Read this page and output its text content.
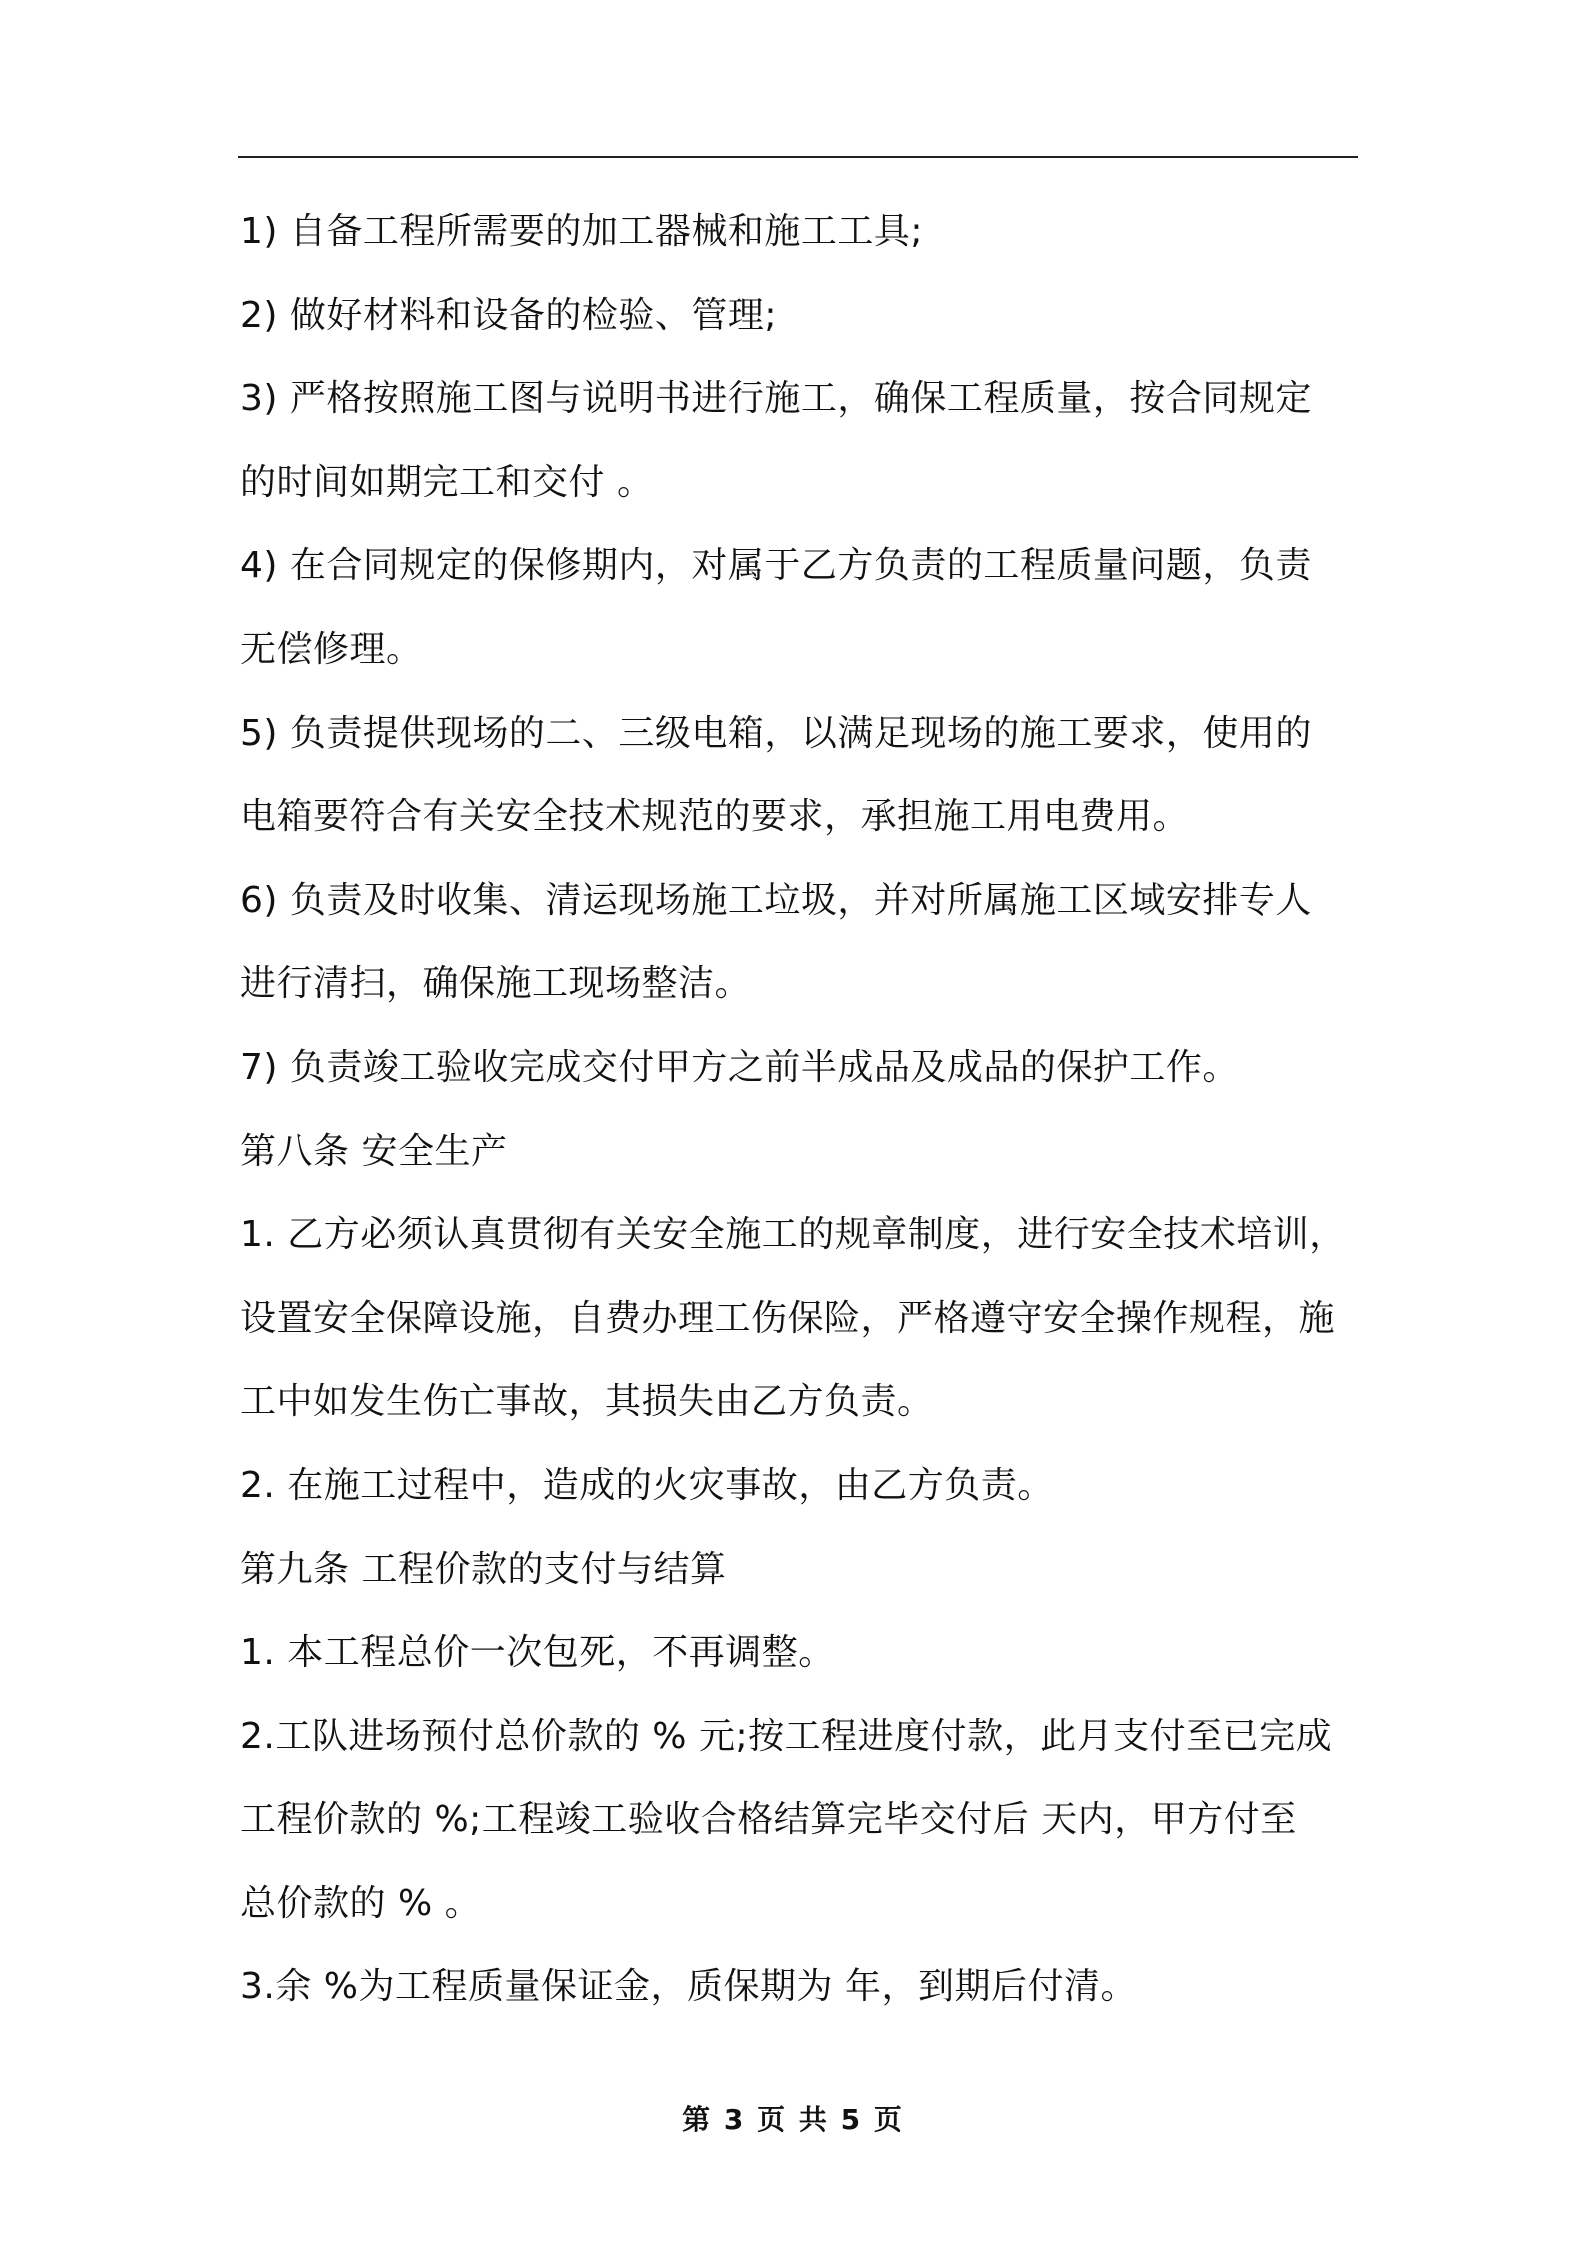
1) 自备工程所需要的加工器械和施工工具;
2) 做好材料和设备的检验、管理;
3) 严格按照施工图与说明书进行施工，确保工程质量，按合同规定
的时间如期完工和交付 。
4) 在合同规定的保修期内，对属于乙方负责的工程质量问题，负责
无偿修理。
5) 负责提供现场的二、三级电箱，以满足现场的施工要求，使用的
电箱要符合有关安全技术规范的要求，承担施工用电费用。
6) 负责及时收集、清运现场施工垃圾，并对所属施工区域安排专人
进行清扫，确保施工现场整洁。
7) 负责竣工验收完成交付甲方之前半成品及成品的保护工作。
第八条 安全生产
1. 乙方必须认真贯彻有关安全施工的规章制度，进行安全技术培训，
设置安全保障设施，自费办理工伤保险，严格遵守安全操作规程，施
工中如发生伤亡事故，其损失由乙方负责。
2. 在施工过程中，造成的火灾事故，由乙方负责。
第九条 工程价款的支付与结算
1. 本工程总价一次包死，不再调整。
2.工队进场预付总价款的 % 元;按工程进度付款，此月支付至已完成
工程价款的 %;工程竣工验收合格结算完毕交付后 天内，甲方付至
总价款的 % 。
3.余 %为工程质量保证金，质保期为 年，到期后付清。
第 3 页 共 5 页
